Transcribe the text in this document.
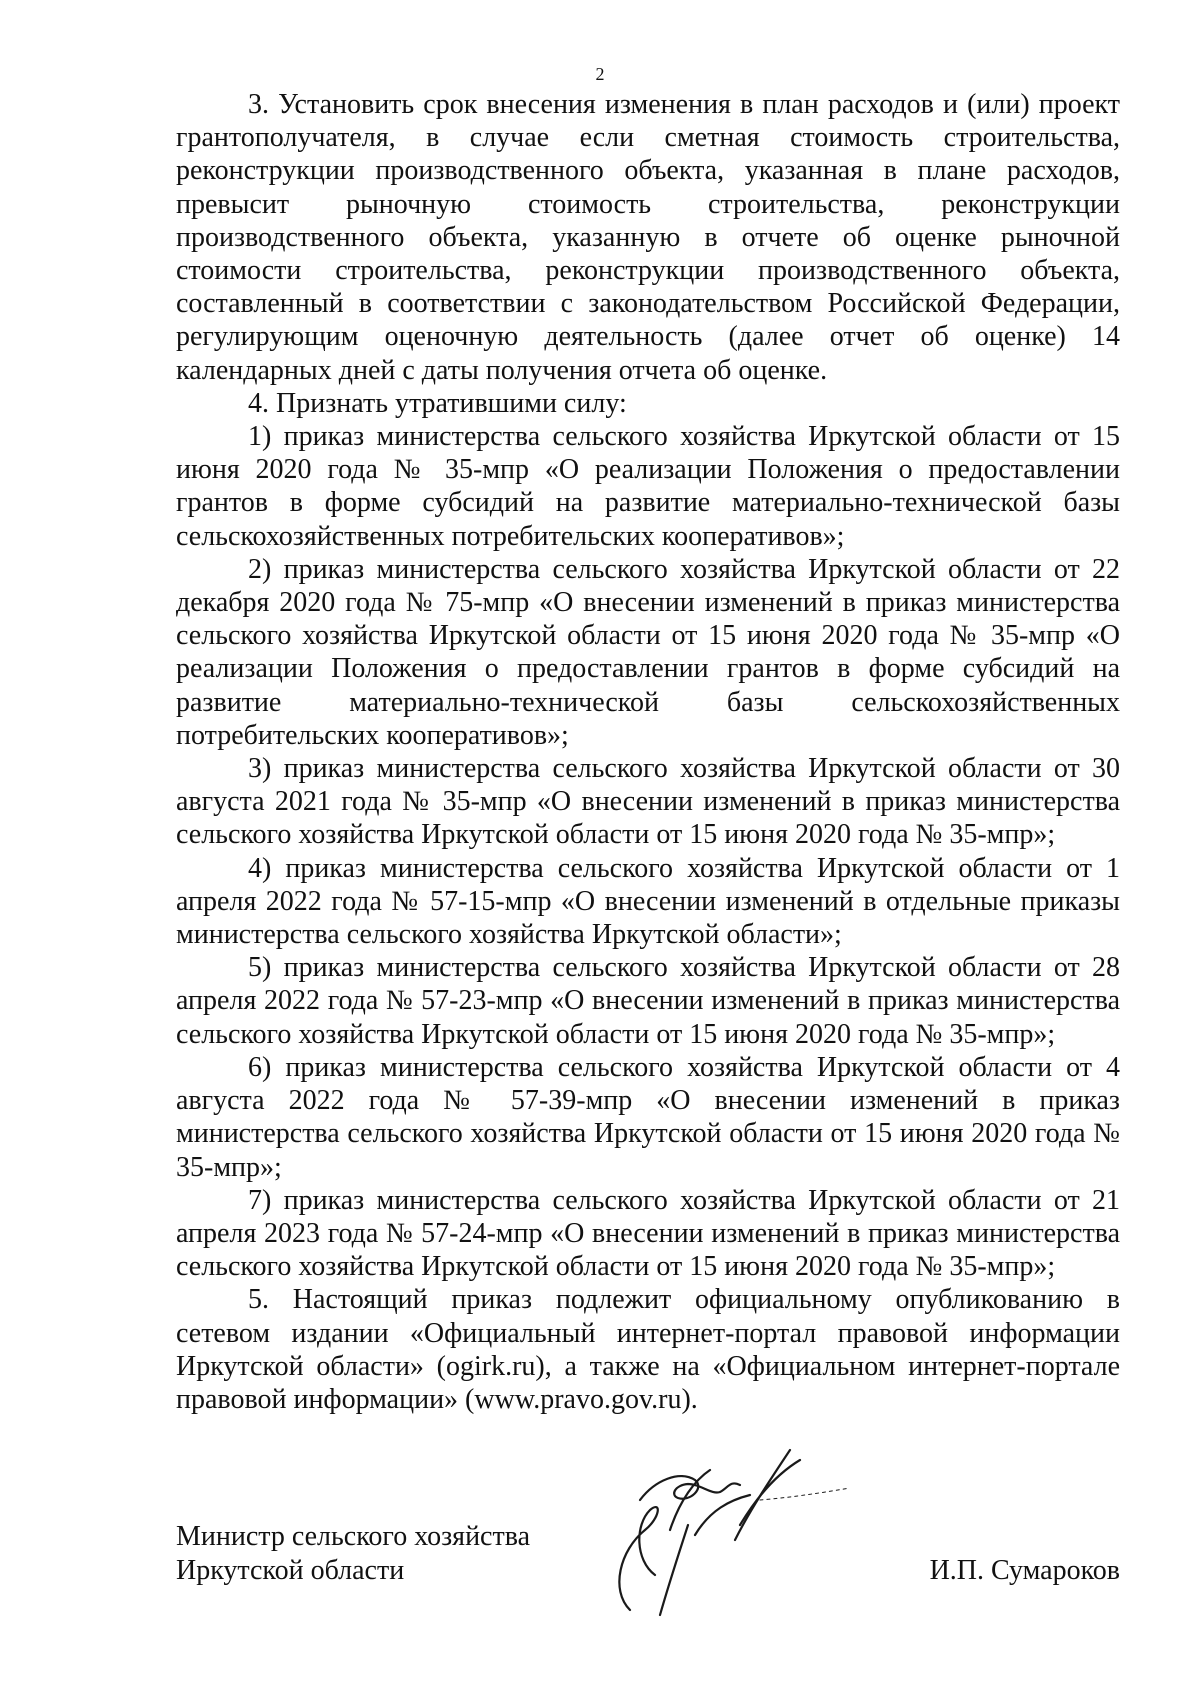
2

3. Установить срок внесения изменения в план расходов и (или) проект грантополучателя, в случае если сметная стоимость строительства, реконструкции производственного объекта, указанная в плане расходов, превысит рыночную стоимость строительства, реконструкции производственного объекта, указанную в отчете об оценке рыночной стоимости строительства, реконструкции производственного объекта, составленный в соответствии с законодательством Российской Федерации, регулирующим оценочную деятельность (далее отчет об оценке) 14 календарных дней с даты получения отчета об оценке.

4. Признать утратившими силу:

1) приказ министерства сельского хозяйства Иркутской области от 15 июня 2020 года № 35-мпр «О реализации Положения о предоставлении грантов в форме субсидий на развитие материально-технической базы сельскохозяйственных потребительских кооперативов»;

2) приказ министерства сельского хозяйства Иркутской области от 22 декабря 2020 года № 75-мпр «О внесении изменений в приказ министерства сельского хозяйства Иркутской области от 15 июня 2020 года № 35-мпр «О реализации Положения о предоставлении грантов в форме субсидий на развитие материально-технической базы сельскохозяйственных потребительских кооперативов»;

3) приказ министерства сельского хозяйства Иркутской области от 30 августа 2021 года № 35-мпр «О внесении изменений в приказ министерства сельского хозяйства Иркутской области от 15 июня 2020 года № 35-мпр»;

4) приказ министерства сельского хозяйства Иркутской области от 1 апреля 2022 года № 57-15-мпр «О внесении изменений в отдельные приказы министерства сельского хозяйства Иркутской области»;

5) приказ министерства сельского хозяйства Иркутской области от 28 апреля 2022 года № 57-23-мпр «О внесении изменений в приказ министерства сельского хозяйства Иркутской области от 15 июня 2020 года № 35-мпр»;

6) приказ министерства сельского хозяйства Иркутской области от 4 августа 2022 года № 57-39-мпр «О внесении изменений в приказ министерства сельского хозяйства Иркутской области от 15 июня 2020 года № 35-мпр»;

7) приказ министерства сельского хозяйства Иркутской области от 21 апреля 2023 года № 57-24-мпр «О внесении изменений в приказ министерства сельского хозяйства Иркутской области от 15 июня 2020 года № 35-мпр»;

5. Настоящий приказ подлежит официальному опубликованию в сетевом издании «Официальный интернет-портал правовой информации Иркутской области» (ogirk.ru), а также на «Официальном интернет-портале правовой информации» (www.pravo.gov.ru).

Министр сельского хозяйства
Иркутской области	И.П. Сумароков
